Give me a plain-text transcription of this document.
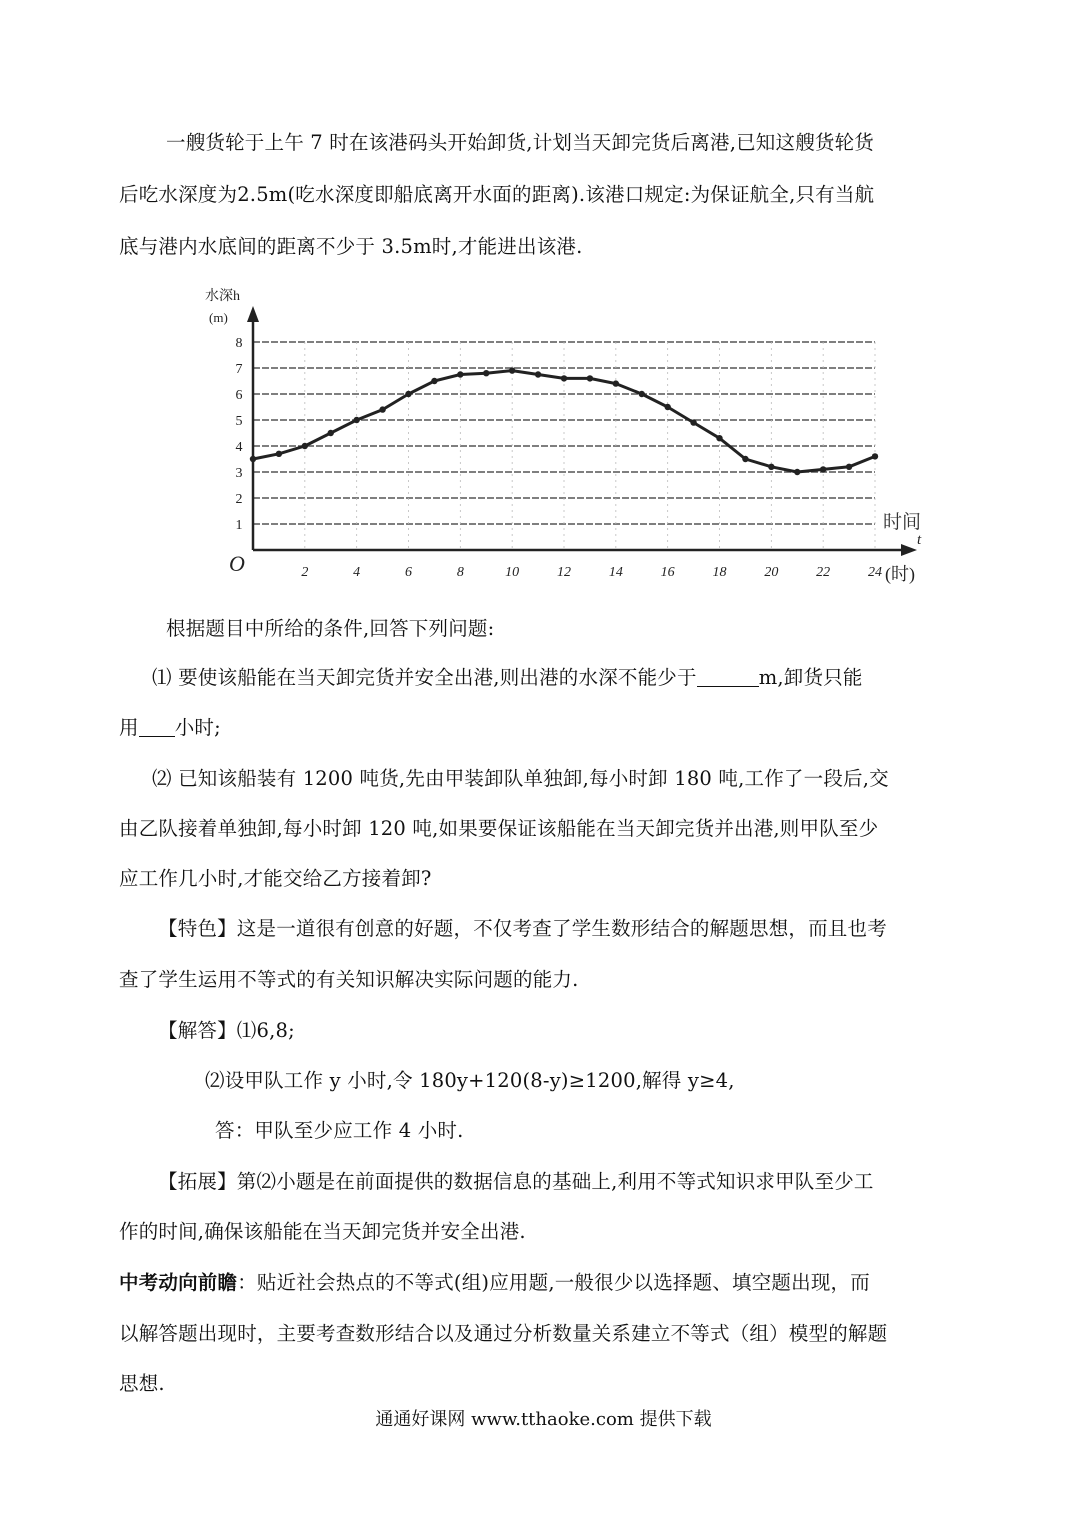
一艘货轮于上午 7 时在该港码头开始卸货,计划当天卸完货后离港,已知这艘货轮货
后吃水深度为2.5m(吃水深度即船底离开水面的距离).该港口规定:为保证航全,只有当航
底与港内水底间的距离不少于 3.5m时,才能进出该港.
水深h
(m)
O
时间
t
(时)
1
2
3
4
5
6
7
8
2	4	6	8	10	12	14	16	18	20	22	24
根据题目中所给的条件,回答下列问题:
⑴ 要使该船能在当天卸完货并安全出港,则出港的水深不能少于	m,卸货只能
用 小时;
⑵ 已知该船装有 1200 吨货,先由甲装卸队单独卸,每小时卸 180 吨,工作了一段后,交
由乙队接着单独卸,每小时卸 120 吨,如果要保证该船能在当天卸完货并出港,则甲队至少
应工作几小时,才能交给乙方接着卸?
【特色】这是一道很有创意的好题，不仅考查了学生数形结合的解题思想，而且也考
查了学生运用不等式的有关知识解决实际问题的能力.
【解答】⑴6,8;
⑵设甲队工作 y 小时,令 180y+120(8-y)≥1200,解得 y≥4,
答：甲队至少应工作 4 小时.
【拓展】第⑵小题是在前面提供的数据信息的基础上,利用不等式知识求甲队至少工
作的时间,确保该船能在当天卸完货并安全出港.
中考动向前瞻：贴近社会热点的不等式(组)应用题,一般很少以选择题、填空题出现，而
以解答题出现时，主要考查数形结合以及通过分析数量关系建立不等式（组）模型的解题
思想.
通通好课网 www.tthaoke.com 提供下载
